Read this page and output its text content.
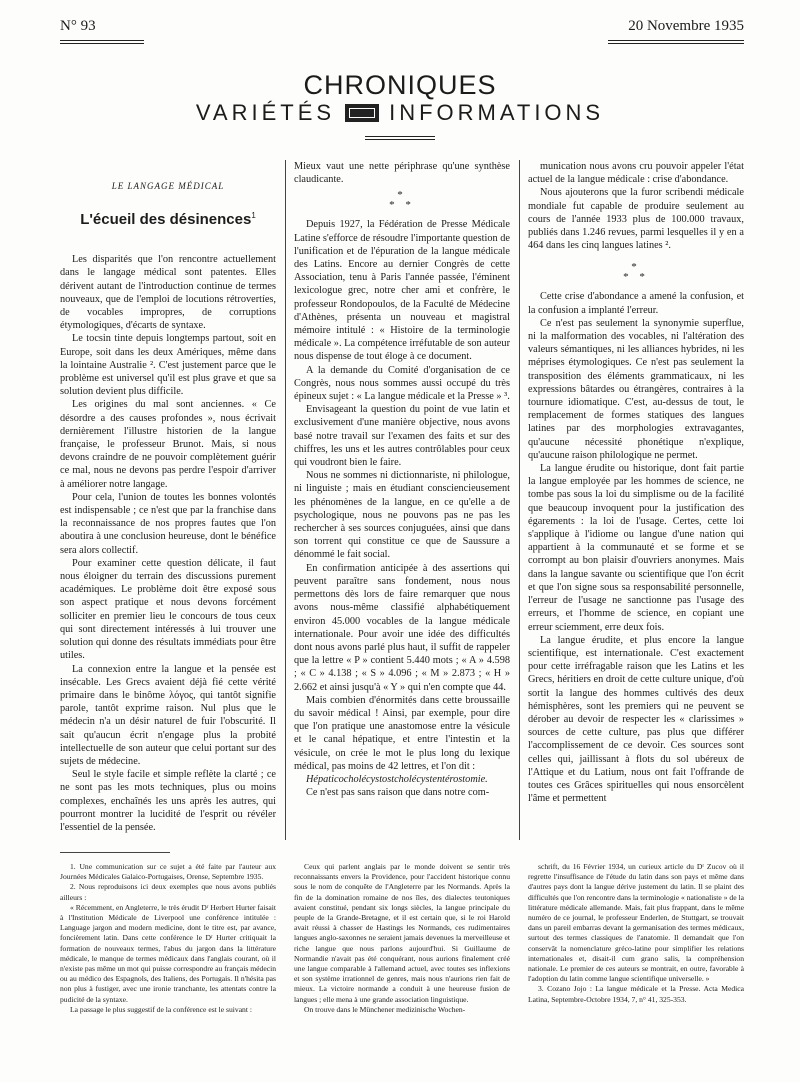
N° 93	20 Novembre 1935
CHRONIQUES
VARIÉTÉS INFORMATIONS
LE LANGAGE MÉDICAL
L'écueil des désinences$^1$

Les disparités que l'on rencontre actuellement dans le langage médical sont patentes. Elles dérivent autant de l'introduction continue de termes nouveaux, que de l'emploi de locutions rétrovertíes, de vocables impropres, de corruptions étymologiques, d'écarts de syntaxe.

Le tocsin tinte depuis longtemps partout, soit en Europe, soit dans les deux Amériques, même dans la lointaine Australie ². C'est justement parce que le problème est universel qu'il est plus grave et que sa solution devient plus difficile.

Les origines du mal sont anciennes. « Ce désordre a des causes profondes », nous écrivait dernièrement l'illustre historien de la langue française, le professeur Brunot. Mais, si nous devons craindre de ne pouvoir complètement guérir ce mal, nous ne devons pas perdre l'espoir d'arriver à améliorer notre langage.

Pour cela, l'union de toutes les bonnes volontés est indispensable ; ce n'est que par la franchise dans la reconnaissance de nos propres fautes que l'on aboutira à une conclusion heureuse, dont le bénéfice sera alors collectif.

Pour examiner cette question délicate, il faut nous éloigner du terrain des discussions purement académiques. Le problème doit être exposé sous son aspect pratique et nous devons forcément solliciter en premier lieu le concours de tous ceux qui sont directement intéressés à lui trouver une solution qui donne des résultats immédiats pour être utiles.

La connexion entre la langue et la pensée est insécable. Les Grecs avaient déjà fié cette vérité primaire dans le binôme λόγος, qui tantôt signifie parole, tantôt exprime raison. Nul plus que le médecin n'a un désir naturel de fuir l'obscurité. Il sait qu'aucun écrit n'engage plus la probité intellectuelle de son auteur que celui portant sur des sujets de médecine.

Seul le style facile et simple reflète la clarté ; ce ne sont pas les mots techniques, plus ou moins complexes, enchaînés les uns après les autres, qui pourront montrer la lucidité de l'esprit ou révéler l'essentiel de la pensée.

Mieux vaut une nette périphrase qu'une synthèse claudicante.

*
* *

Depuis 1927, la Fédération de Presse Médicale Latine s'efforce de résoudre l'importante question de l'unification et de l'épuration de la langue médicale des Latins. Encore au dernier Congrès de cette Association, tenu à Paris l'année passée, l'éminent lexicologue grec, notre cher ami et confrère, le professeur Rondopoulos, de la Faculté de Médecine d'Athènes, présenta un nouveau et magistral mémoire intitulé : « Histoire de la terminologie médicale ». La compétence irréfutable de son auteur nous dispense de tout éloge à ce document.

A la demande du Comité d'organisation de ce Congrès, nous nous sommes aussi occupé du très épineux sujet : « La langue médicale et la Presse » ³.

Envisageant la question du point de vue latin et exclusivement d'une manière objective, nous avons basé notre travail sur l'examen des faits et sur des chiffres, les uns et les autres contrôlables pour ceux qui voudront bien le faire.

Nous ne sommes ni dictionnariste, ni philologue, ni linguiste ; mais en étudiant consciencieusement les phénomènes de la langue, en ce qu'elle a de psychologique, nous ne pouvons pas ne pas les rechercher à ses sources conjuguées, ainsi que dans son torrent qui constitue ce que de Saussure a dénommé le fait social.

En confirmation anticipée à des assertions qui peuvent paraître sans fondement, nous nous permettons dès lors de faire remarquer que nous avons nous-même classifié alphabétiquement environ 45.000 vocables de la langue médicale internationale. Pour avoir une idée des difficultés dont nous avons parlé plus haut, il suffit de rappeler que la lettre « P » contient 5.440 mots ; « A » 4.598 ; « C » 4.138 ; « S » 4.096 ; « M » 2.873 ; « H » 2.662 et ainsi jusqu'à « Y » qui n'en compte que 44.

Mais combien d'énormités dans cette broussaille du savoir médical ! Ainsi, par exemple, pour dire que l'on pratique une anastomose entre la vésicule et le canal hépatique, et entre l'intestin et la vésicule, on crée le mot le plus long du lexique médical, pas moins de 42 lettres, et l'on dit :

Hépaticocholécystostcholécystentérostomie.

Ce n'est pas sans raison que dans notre com-

munication nous avons cru pouvoir appeler l'état actuel de la langue médicale : crise d'abondance.

Nous ajouterons que la furor scribendi médicale mondiale fut capable de produire seulement au cours de l'année 1933 plus de 100.000 travaux, publiés dans 1.246 revues, parmi lesquelles il y en a 464 dans les cinq langues latines ².

*
* *

Cette crise d'abondance a amené la confusion, et la confusion a implanté l'erreur.

Ce n'est pas seulement la synonymie superflue, ni la malformation des vocables, ni l'altération des valeurs sémantiques, ni les alliances hybrides, ni les méprises étymologiques. Ce n'est pas seulement la transposition des éléments grammaticaux, ni les expressions bâtardes ou étrangères, contraires à la tournure idiomatique. C'est, au-dessus de tout, le remplacement de formes statiques des langues latines par des morphologies extravagantes, qu'aucune nécessité phonétique n'explique, qu'aucune raison philologique ne permet.

La langue érudite ou historique, dont fait partie la langue employée par les hommes de science, ne tombe pas sous la loi du simplisme ou de la facilité que beaucoup invoquent pour la justification des égarements : la loi de l'usage. Certes, cette loi s'applique à l'idiome ou langue d'une nation qui appartient à la communauté et se forme et se corrompt au bon plaisir d'ouvriers anonymes. Mais dans la langue savante ou scientifique que l'on écrit et que l'on signe sous sa responsabilité personnelle, l'erreur de l'usage ne sanctionne pas l'usage des erreurs, et l'homme de science, en copiant une erreur sciemment, erre deux fois.

La langue érudite, et plus encore la langue scientifique, est internationale. C'est exactement pour cette irréfragable raison que les Latins et les Grecs, héritiers en droit de cette culture unique, d'où sortit la langue des hommes cultivés des deux hémisphères, sont les premiers qui ne peuvent se dérober au devoir de respecter les « clarissimes » sources de cette culture, pas plus que différer l'accomplissement de ce devoir. Ces sources sont celles qui, jaillissant à flots du sol ubéreux de l'Attique et du Latium, nous ont fait l'offrande de toutes ces Grâces spirituelles qui nous ensorcèlent l'âme et permettent

1. Une communication sur ce sujet a été faite par l'auteur aux Journées Médicales Galaico-Portugaises, Orense, Septembre 1935.

2. Nous reproduisons ici deux exemples que nous avons publiés ailleurs :

« Récemment, en Angleterre, le très érudit Dʳ Herbert Hurter faisait à l'Institution Médicale de Liverpool une conférence intitulée : Language jargon and modern medicine, dont le titre est, par avance, foncièrement latin. Dans cette conférence le Dʳ Hurter critiquait la formation de nouveaux termes, l'abus du jargon dans la littérature médicale, le manque de termes médicaux dans l'anglais courant, où il n'existe pas même un mot qui puisse correspondre au français médecin ou au médico des Espagnols, des Italiens, des Portugais. Il n'hésita pas non plus à fustiger, avec une ironie tranchante, les attentats contre la pudicité de la syntaxe.

La passage le plus suggestif de la conférence est le suivant :

Ceux qui parlent anglais par le monde doivent se sentir très reconnaissants envers la Providence, pour l'accident historique connu sous le nom de conquête de l'Angleterre par les Normands. Après la fin de la domination romaine de nos îles, des dialectes teutoniques avaient constitué, pendant six longs siècles, la langue principale du peuple de la Grande-Bretagne, et il est certain que, si le roi Harold avait réussi à chasser de Hastings les Normands, ces rudimentaires langues anglo-saxonnes ne seraient jamais devenues la merveilleuse et riche langue que nous parlons aujourd'hui. Si Guillaume de Normandie n'avait pas été conquérant, nous aurions finalement créé une langue comparable à l'allemand actuel, avec toutes ses inflexions et son système irrationnel de genres, mais nous n'aurions rien fait de mieux. La victoire normande a conduit à une heureuse fusion de langues ; elle mena à une grande association linguistique.

On trouve dans le Münchener medizinische Wochen-

schrift, du 16 Février 1934, un curieux article du Dʳ Zucov où il regrette l'insuffisance de l'étude du latin dans son pays et même dans d'autres pays dont la langue dérive justement du latin. Il se plaint des difficultés que l'on rencontre dans la terminologie « nationaliste » de la littérature médicale allemande. Mais, fait plus frappant, dans le même numéro de ce journal, le professeur Enderlen, de Stuttgart, se trouvait dans un pareil embarras devant la germanisation des termes médicaux, surtout des termes classiques de l'anatomie. Il demandait que l'on conservât la nomenclature gréco-latine pour simplifier les relations internationales et, disait-il cum grano salis, la compréhension nationale. Le premier de ces auteurs se montrait, en outre, favorable à l'adoption du latin comme langue scientifique universelle. »

3. Cozano Jojo : La langue médicale et la Presse. Acta Medica Latina, Septembre-Octobre 1934, 7, n° 41, 325-353.
